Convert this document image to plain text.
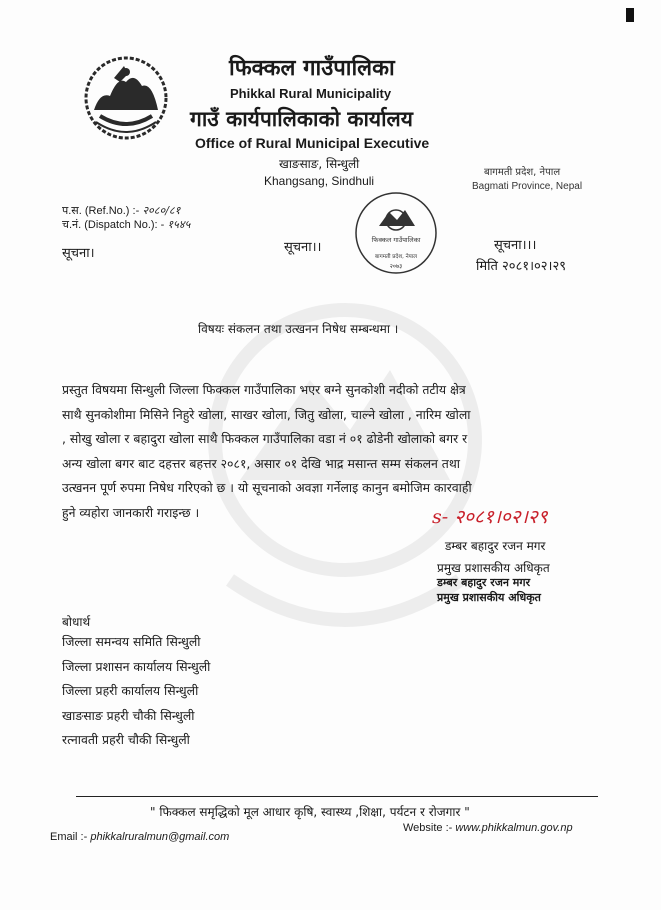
फिक्कल गाउँपालिका
Phikkal Rural Municipality
गाउँ कार्यपालिकाको कार्यालय
Office of Rural Municipal Executive
खाङसाङ, सिन्धुली
Khangsang, Sindhuli
बागमती प्रदेश, नेपाल
Bagmati Province, Nepal
प.स. (Ref.No.) :- २०८०/८१
च.नं. (Dispatch No.): - १५४५
फिक्कल गाउँपालिका
बागमती प्रदेश, नेपाल
२०७३
सूचना।	सूचना।।	सूचना।।।
मिति २०८१।०२।२९
विषयः संकलन तथा उत्खनन निषेध सम्बन्धमा ।
प्रस्तुत विषयमा सिन्धुली जिल्ला फिक्कल गाउँपालिका भएर बग्ने सुनकोशी नदीको तटीय क्षेत्र
साथै सुनकोशीमा मिसिने निहुरे खोला, साखर खोला, जितु खोला, चाल्ने खोला , नारिम खोला
, सोखु खोला र बहादुरा खोला साथै फिक्कल गाउँपालिका वडा नं ०१ ढोडेनी खोलाको बगर र
अन्य खोला बगर बाट दहत्तर बहत्तर २०८१, असार ०१ देखि भाद्र मसान्त सम्म संकलन तथा
उत्खनन पूर्ण रुपमा निषेध गरिएको छ । यो सूचनाको अवज्ञा गर्नेलाइ कानुन बमोजिम कारवाही
हुने व्यहोरा जानकारी गराइन्छ ।	s- २०८१।०२।२९
डम्बर बहादुर रजन मगर
प्रमुख प्रशासकीय अधिकृत
डम्बर बहादुर रजन मगर
प्रमुख प्रशासकीय अधिकृत
बोधार्थ
जिल्ला समन्वय समिति सिन्धुली
जिल्ला प्रशासन कार्यालय सिन्धुली
जिल्ला प्रहरी कार्यालय सिन्धुली
खाङसाङ प्रहरी चौकी सिन्धुली
रत्नावती प्रहरी चौकी सिन्धुली
" फिक्कल समृद्धिको मूल आधार कृषि, स्वास्थ्य ,शिक्षा, पर्यटन र रोजगार "
Email :- phikkalruralmun@gmail.com
Website :- www.phikkalmun.gov.np
